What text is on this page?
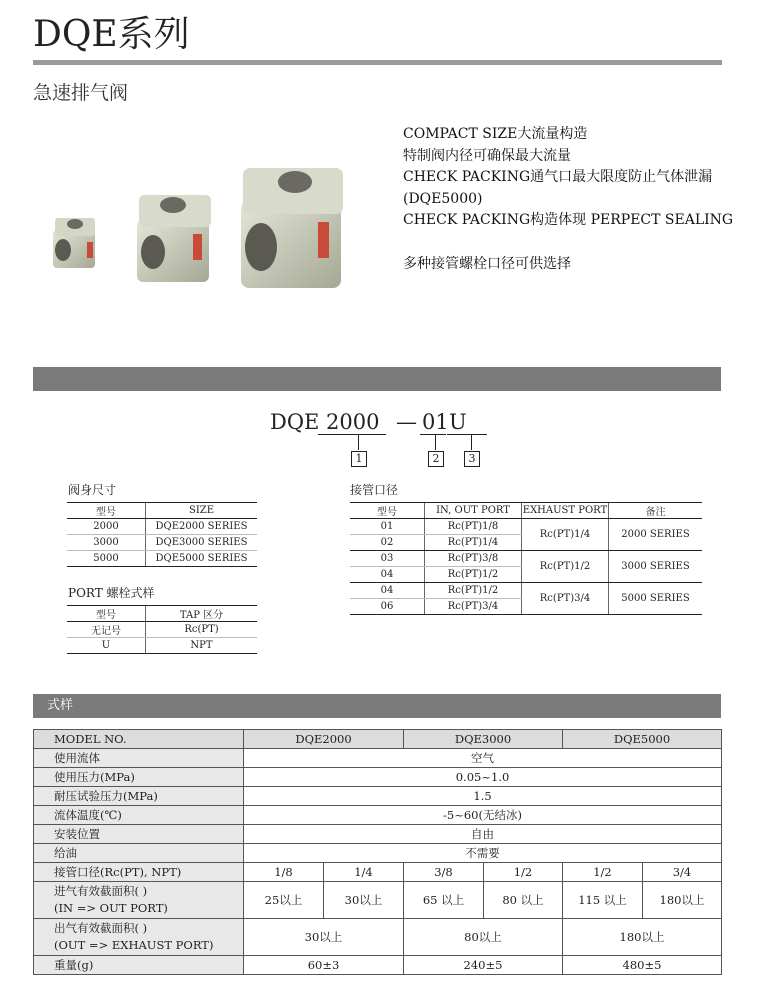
DQE系列
急速排气阀
COMPACT SIZE大流量构造
特制阀内径可确保最大流量
CHECK PACKING通气口最大限度防止气体泄漏
(DQE5000)
CHECK PACKING构造体现 PERPECT SEALING
多种接管螺栓口径可供选择
DQE 2000 — 01 U
1	2	3
阀身尺寸
型号	SIZE
2000	DQE2000 SERIES
3000	DQE3000 SERIES
5000	DQE5000 SERIES
PORT 螺栓式样
型号	TAP 区分
无记号	Rc(PT)
U	NPT
接管口径
型号	IN, OUT PORT	EXHAUST PORT	备注
01	Rc(PT)1/8	Rc(PT)1/4	2000 SERIES
02	Rc(PT)1/4		
03	Rc(PT)3/8	Rc(PT)1/2	3000 SERIES
04	Rc(PT)1/2		
04	Rc(PT)1/2	Rc(PT)3/4	5000 SERIES
06	Rc(PT)3/4		
式样
MODEL NO.	DQE2000		DQE3000		DQE5000	
使用流体	空气					
使用压力(MPa)	0.05~1.0					
耐压试验压力(MPa)	1.5					
流体温度(℃)	-5~60(无结冰)					
安装位置	自由					
给油	不需要					
接管口径(Rc(PT), NPT)	1/8	1/4	3/8	1/2	1/2	3/4

进气有效截面积( )
(IN => OUT PORT)	25以上	30以上	65 以上	80 以上	115 以上	180以上

出气有效截面积( )
(OUT => EXHAUST PORT)	30以上		80以上		180以上	
重量(g)	60±3		240±5		480±5	
